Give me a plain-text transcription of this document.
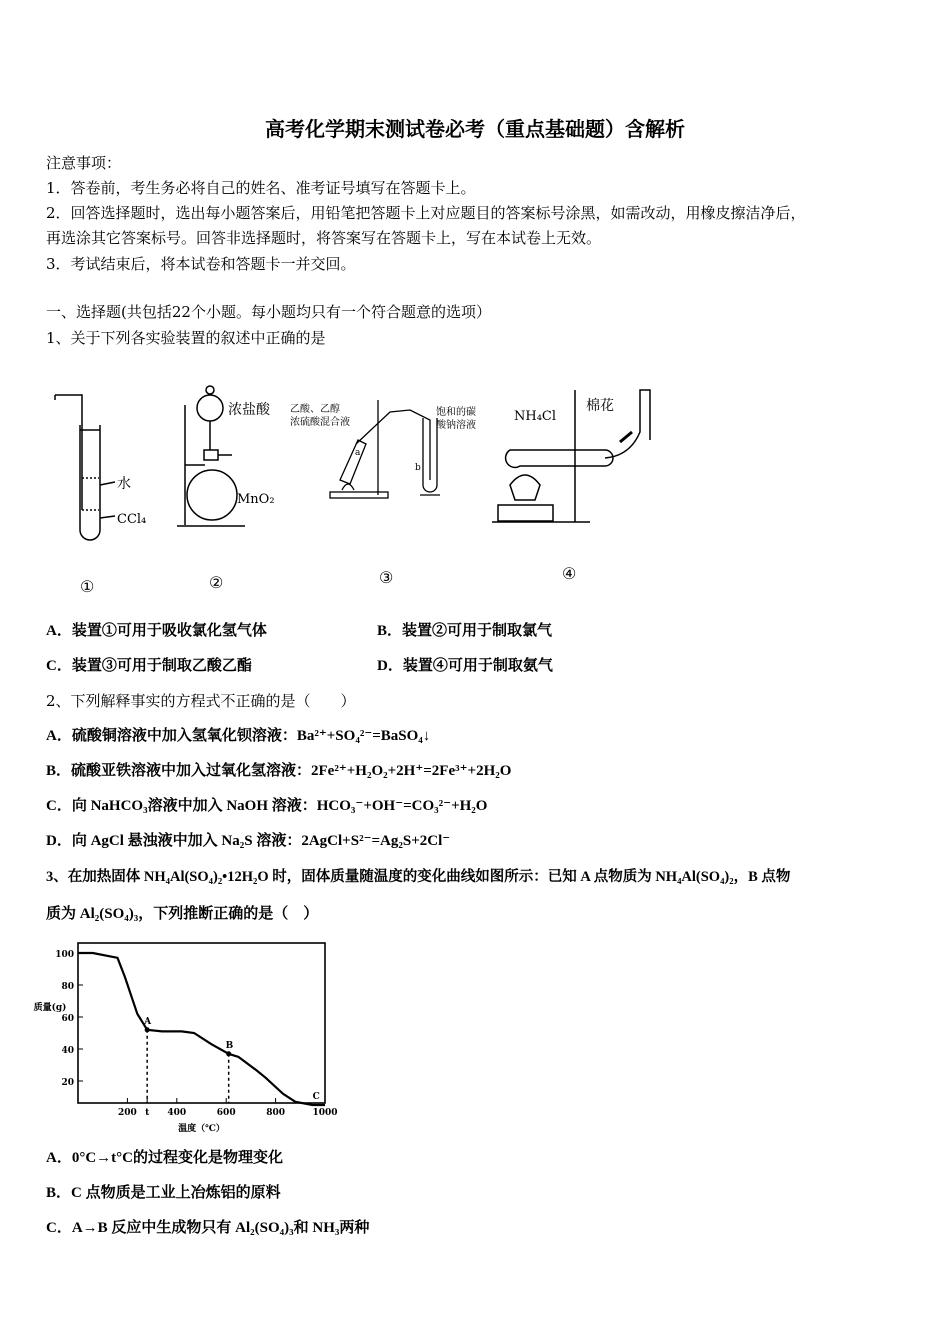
高考化学期末测试卷必考（重点基础题）含解析
注意事项：
1．答卷前，考生务必将自己的姓名、准考证号填写在答题卡上。
2．回答选择题时，选出每小题答案后，用铅笔把答题卡上对应题目的答案标号涂黑，如需改动，用橡皮擦洁净后，
再选涂其它答案标号。回答非选择题时，将答案写在答题卡上，写在本试卷上无效。
3．考试结束后，将本试卷和答题卡一并交回。
一、选择题(共包括22个小题。每小题均只有一个符合题意的选项）
1、关于下列各实验装置的叙述中正确的是
水
CCl₄
浓盐酸
MnO₂
乙酸、乙醇
浓硫酸混合液
饱和的碳
酸钠溶液
NH₄Cl
棉花
a
b
①	②	③	④
A．装置①可用于吸收氯化氢气体	B．装置②可用于制取氯气
C．装置③可用于制取乙酸乙酯	D．装置④可用于制取氨气
2、下列解释事实的方程式不正确的是（　　）
A．硫酸铜溶液中加入氢氧化钡溶液：Ba²⁺+SO₄²⁻=BaSO₄↓
B．硫酸亚铁溶液中加入过氧化氢溶液：2Fe²⁺+H₂O₂+2H⁺=2Fe³⁺+2H₂O
C．向 NaHCO₃溶液中加入 NaOH 溶液：HCO₃⁻+OH⁻=CO₃²⁻+H₂O
D．向 AgCl 悬浊液中加入 Na₂S 溶液：2AgCl+S²⁻=Ag₂S+2Cl⁻
3、在加热固体 NH₄Al(SO₄)₂•12H₂O 时，固体质量随温度的变化曲线如图所示：已知 A 点物质为 NH₄Al(SO₄)₂，B 点物
质为 Al₂(SO₄)₃，下列推断正确的是（　）
100
80
60
40
20
200 t 400	600	800	1000
温度（℃）
质量(g)
A
B
C
A．0°C→t°C的过程变化是物理变化
B．C 点物质是工业上冶炼铝的原料
C．A→B 反应中生成物只有 Al₂(SO₄)₃和 NH₃两种
